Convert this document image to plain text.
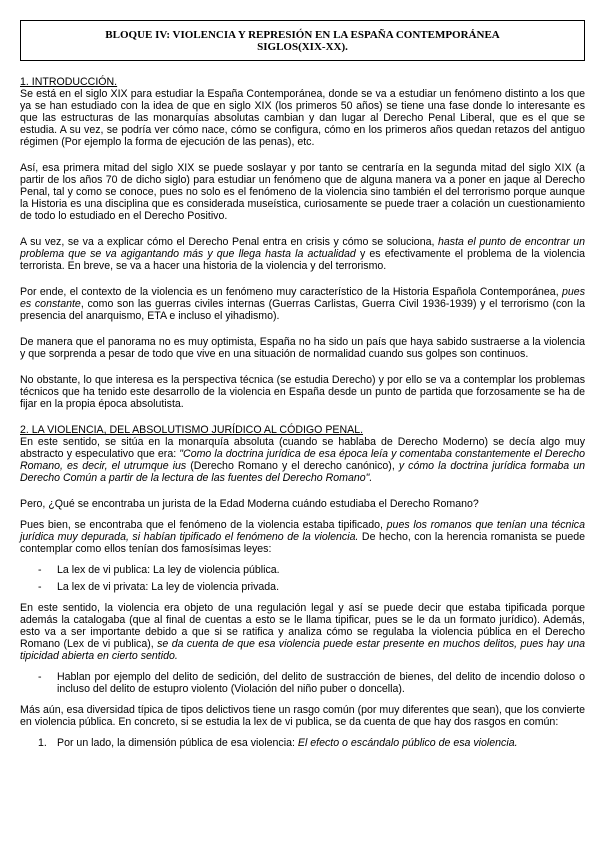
BLOQUE IV: VIOLENCIA Y REPRESIÓN EN LA ESPAÑA CONTEMPORÁNEA
SIGLOS(XIX-XX).
1. INTRODUCCIÓN.

Se está en el siglo XIX para estudiar la España Contemporánea, donde se va a estudiar un fenómeno distinto a los que ya se han estudiado con la idea de que en siglo XIX (los primeros 50 años) se tiene una fase donde lo interesante es que las estructuras de las monarquías absolutas cambian y dan lugar al Derecho Penal Liberal, que es el que se estudia. A su vez, se podría ver cómo nace, cómo se configura, cómo en los primeros años quedan retazos del antiguo régimen (Por ejemplo la forma de ejecución de las penas), etc.

Así, esa primera mitad del siglo XIX se puede soslayar y por tanto se centraría en la segunda mitad del siglo XIX (a partir de los años 70 de dicho siglo) para estudiar un fenómeno que de alguna manera va a poner en jaque al Derecho Penal, tal y como se conoce, pues no solo es el fenómeno de la violencia sino también el del terrorismo porque aunque la Historia es una disciplina que es considerada museística, curiosamente se puede traer a colación un cuestionamiento de todo lo estudiado en el Derecho Positivo.

A su vez, se va a explicar cómo el Derecho Penal entra en crisis y cómo se soluciona, hasta el punto de encontrar un problema que se va agigantando más y que llega hasta la actualidad y es efectivamente el problema de la violencia terrorista. En breve, se va a hacer una historia de la violencia y del terrorismo.

Por ende, el contexto de la violencia es un fenómeno muy característico de la Historia Española Contemporánea, pues es constante, como son las guerras civiles internas (Guerras Carlistas, Guerra Civil 1936-1939) y el terrorismo (con la presencia del anarquismo, ETA e incluso el yihadismo).

De manera que el panorama no es muy optimista, España no ha sido un país que haya sabido sustraerse a la violencia y que sorprenda a pesar de todo que vive en una situación de normalidad cuando sus golpes son continuos.

No obstante, lo que interesa es la perspectiva técnica (se estudia Derecho) y por ello se va a contemplar los problemas técnicos que ha tenido este desarrollo de la violencia en España desde un punto de partida que forzosamente se ha de fijar en la propia época absolutista.

2. LA VIOLENCIA, DEL ABSOLUTISMO JURÍDICO AL CÓDIGO PENAL.

En este sentido, se sitúa en la monarquía absoluta (cuando se hablaba de Derecho Moderno) se decía algo muy abstracto y especulativo que era: "Como la doctrina jurídica de esa época leía y comentaba constantemente el Derecho Romano, es decir, el utrumque ius (Derecho Romano y el derecho canónico), y cómo la doctrina jurídica formaba un Derecho Común a partir de la lectura de las fuentes del Derecho Romano".

Pero, ¿Qué se encontraba un jurista de la Edad Moderna cuándo estudiaba el Derecho Romano?

Pues bien, se encontraba que el fenómeno de la violencia estaba tipificado, pues los romanos que tenían una técnica jurídica muy depurada, si habían tipificado el fenómeno de la violencia. De hecho, con la herencia romanista se puede contemplar como ellos tenían dos famosísimas leyes:

- La lex de vi publica: La ley de violencia pública.
- La lex de vi privata: La ley de violencia privada.

En este sentido, la violencia era objeto de una regulación legal y así se puede decir que estaba tipificada porque además la catalogaba (que al final de cuentas a esto se le llama tipificar, pues se le da un formato jurídico). Además, esto va a ser importante debido a que si se ratifica y analiza cómo se regulaba la violencia pública en el Derecho Romano (Lex de vi publica), se da cuenta de que esa violencia puede estar presente en muchos delitos, pues hay una tipicidad abierta en cierto sentido.

- Hablan por ejemplo del delito de sedición, del delito de sustracción de bienes, del delito de incendio doloso o incluso del delito de estupro violento (Violación del niño puber o doncella).

Más aún, esa diversidad típica de tipos delictivos tiene un rasgo común (por muy diferentes que sean), que los convierte en violencia pública. En concreto, si se estudia la lex de vi publica, se da cuenta de que hay dos rasgos en común:

1. Por un lado, la dimensión pública de esa violencia: El efecto o escándalo público de esa violencia.
